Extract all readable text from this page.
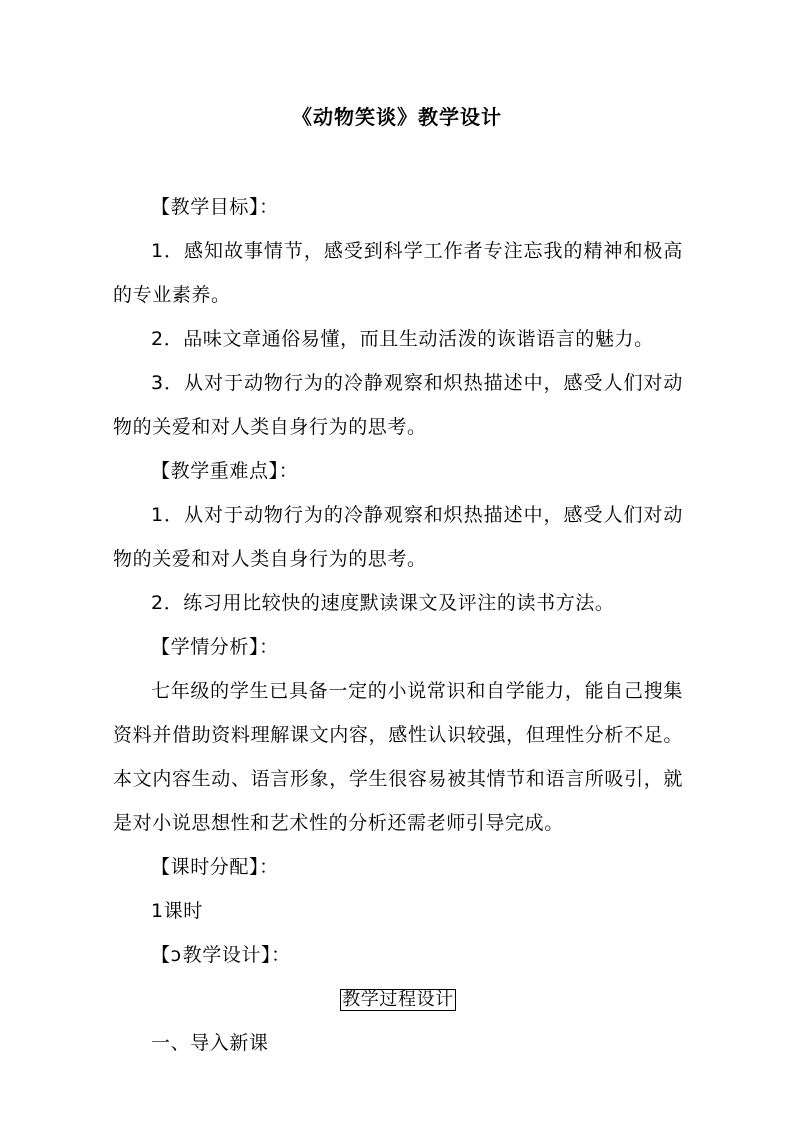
《动物笑谈》教学设计

【教学目标】：

1．感知故事情节，感受到科学工作者专注忘我的精神和极高的专业素养。

2．品味文章通俗易懂，而且生动活泼的诙谐语言的魅力。

3．从对于动物行为的冷静观察和炽热描述中，感受人们对动物的关爱和对人类自身行为的思考。

【教学重难点】：

1．从对于动物行为的冷静观察和炽热描述中，感受人们对动物的关爱和对人类自身行为的思考。

2．练习用比较快的速度默读课文及评注的读书方法。

【学情分析】：

七年级的学生已具备一定的小说常识和自学能力，能自己搜集资料并借助资料理解课文内容，感性认识较强，但理性分析不足。本文内容生动、语言形象，学生很容易被其情节和语言所吸引，就是对小说思想性和艺术性的分析还需老师引导完成。

【课时分配】：

1课时

【ɔ教学设计】：

教学过程设计

一、导入新课
